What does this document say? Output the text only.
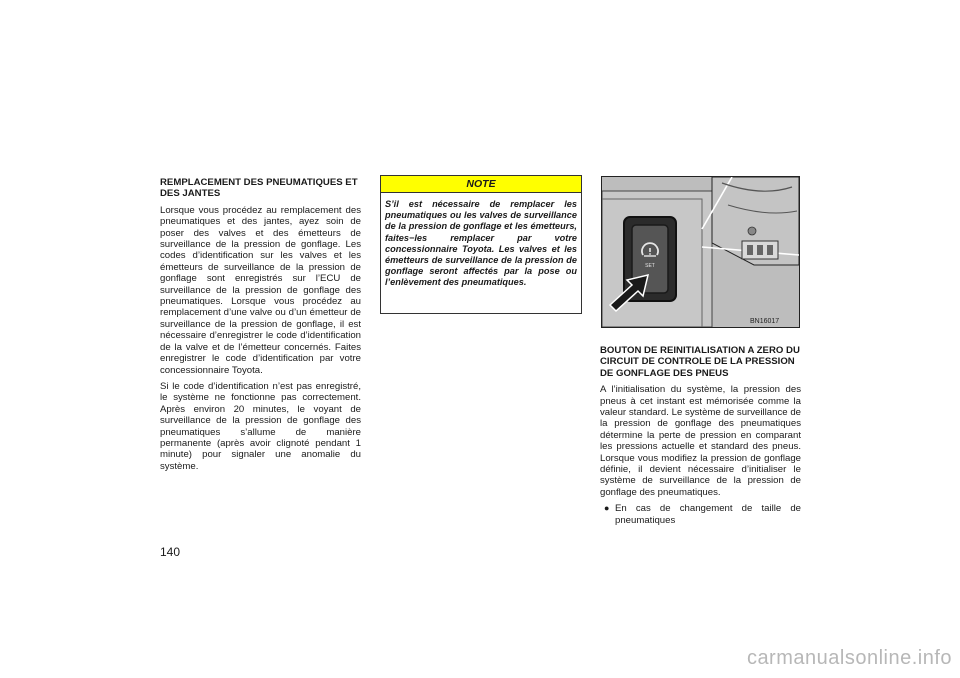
REMPLACEMENT DES PNEUMATIQUES ET DES JANTES

Lorsque vous procédez au remplacement des pneumatiques et des jantes, ayez soin de poser des valves et des émetteurs de surveillance de la pression de gonflage. Les codes d’identification sur les valves et les émetteurs de surveillance de la pression de gonflage sont enregistrés sur l’ECU de surveillance de la pression de gonflage des pneumatiques. Lorsque vous procédez au remplacement d’une valve ou d’un émetteur de surveillance de la pression de gonflage, il est nécessaire d’enregistrer le code d’identification de la valve et de l’émetteur concernés. Faites enregistrer le code d’identification par votre concessionnaire Toyota.

Si le code d’identification n’est pas enregistré, le système ne fonctionne pas correctement. Après environ 20 minutes, le voyant de surveillance de la pression de gonflage des pneumatiques s’allume de manière permanente (après avoir clignoté pendant 1 minute) pour signaler une anomalie du système.

NOTE
S’il est nécessaire de remplacer les pneumatiques ou les valves de surveillance de la pression de gonflage et les émetteurs, faites−les remplacer par votre concessionnaire Toyota. Les valves et les émetteurs de surveillance de la pression de gonflage seront affectés par la pose ou l’enlèvement des pneumatiques.
SET
BN16017
BOUTON DE REINITIALISATION A ZERO DU CIRCUIT DE CONTROLE DE LA PRESSION DE GONFLAGE DES PNEUS

A l’initialisation du système, la pression des pneus à cet instant est mémorisée comme la valeur standard. Le système de surveillance de la pression de gonflage des pneumatiques détermine la perte de pression en comparant les pressions actuelle et standard des pneus. Lorsque vous modifiez la pression de gonflage définie, il devient nécessaire d’initialiser le système de surveillance de la pression de gonflage des pneumatiques.

● En cas de changement de taille de pneumatiques
140
carmanualsonline.info
